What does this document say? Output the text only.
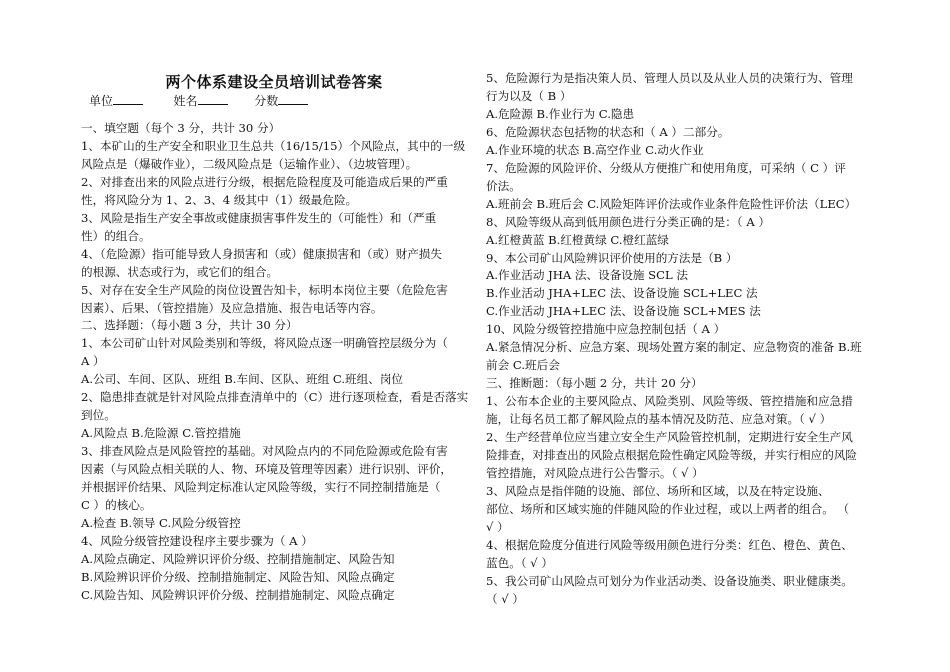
两个体系建设全员培训试卷答案
单位	姓名	分数
一、填空题（每个 3 分，共计 30 分）
1、本矿山的生产安全和职业卫生总共（16/15/15）个风险点，其中的一级
风险点是（爆破作业），二级风险点是（运输作业）、（边坡管理）。
2、对排查出来的风险点进行分级，根据危险程度及可能造成后果的严重
性，将风险分为 1、2、3、4 级其中（1）级最危险。
3、风险是指生产安全事故或健康损害事件发生的（可能性）和（严重
性）的组合。
4、（危险源）指可能导致人身损害和（或）健康损害和（或）财产损失
的根源、状态或行为，或它们的组合。
5、对存在安全生产风险的岗位设置告知卡，标明本岗位主要（危险危害
因素）、后果、（管控措施）及应急措施、报告电话等内容。
二、选择题：（每小题 3 分，共计 30 分）
1、本公司矿山针对风险类别和等级，将风险点逐一明确管控层级分为（
A ）
A.公司、车间、区队、班组 B.车间、区队、班组 C.班组、岗位
2、隐患排查就是针对风险点排查清单中的（C）进行逐项检查，看是否落实
到位。
A.风险点 B.危险源 C.管控措施
3、排查风险点是风险管控的基础。对风险点内的不同危险源或危险有害
因素（与风险点相关联的人、物、环境及管理等因素）进行识别、评价，
并根据评价结果、风险判定标准认定风险等级，实行不同控制措施是（
C ）的核心。
A.检查 B.领导 C.风险分级管控
4、风险分级管控建设程序主要步骤为（ A ）
A.风险点确定、风险辨识评价分级、控制措施制定、风险告知
B.风险辨识评价分级、控制措施制定、风险告知、风险点确定
C.风险告知、风险辨识评价分级、控制措施制定、风险点确定
5、危险源行为是指决策人员、管理人员以及从业人员的决策行为、管理
行为以及（ B ）
A.危险源 B.作业行为 C.隐患
6、危险源状态包括物的状态和（ A ）二部分。
A.作业环境的状态 B.高空作业 C.动火作业
7、危险源的风险评价、分级从方便推广和使用角度，可采纳（ C ）评
价法。
A.班前会 B.班后会 C.风险矩阵评价法或作业条件危险性评价法（LEC）
8、风险等级从高到低用颜色进行分类正确的是：（ A ）
A.红橙黄蓝 B.红橙黄绿 C.橙红蓝绿
9、本公司矿山风险辨识评价使用的方法是（B ）
A.作业活动 JHA 法、设备设施 SCL 法
B.作业活动 JHA+LEC 法、设备设施 SCL+LEC 法
C.作业活动 JHA+LEC 法、设备设施 SCL+MES 法
10、风险分级管控措施中应急控制包括（ A ）
A.紧急情况分析、应急方案、现场处置方案的制定、应急物资的准备 B.班
前会 C.班后会
三、推断题：（每小题 2 分，共计 20 分）
1、公布本企业的主要风险点、风险类别、风险等级、管控措施和应急措
施，让每名员工都了解风险点的基本情况及防范、应急对策。（ √ ）
2、生产经营单位应当建立安全生产风险管控机制，定期进行安全生产风
险排查，对排查出的风险点根据危险性确定风险等级，并实行相应的风险
管控措施，对风险点进行公告警示。（ √ ）
3、风险点是指伴随的设施、部位、场所和区域，以及在特定设施、
部位、场所和区域实施的伴随风险的作业过程，或以上两者的组合。 （
√ ）
4、根据危险度分值进行风险等级用颜色进行分类：红色、橙色、黄色、
蓝色。（ √ ）
5、我公司矿山风险点可划分为作业活动类、设备设施类、职业健康类。
（ √ ）
